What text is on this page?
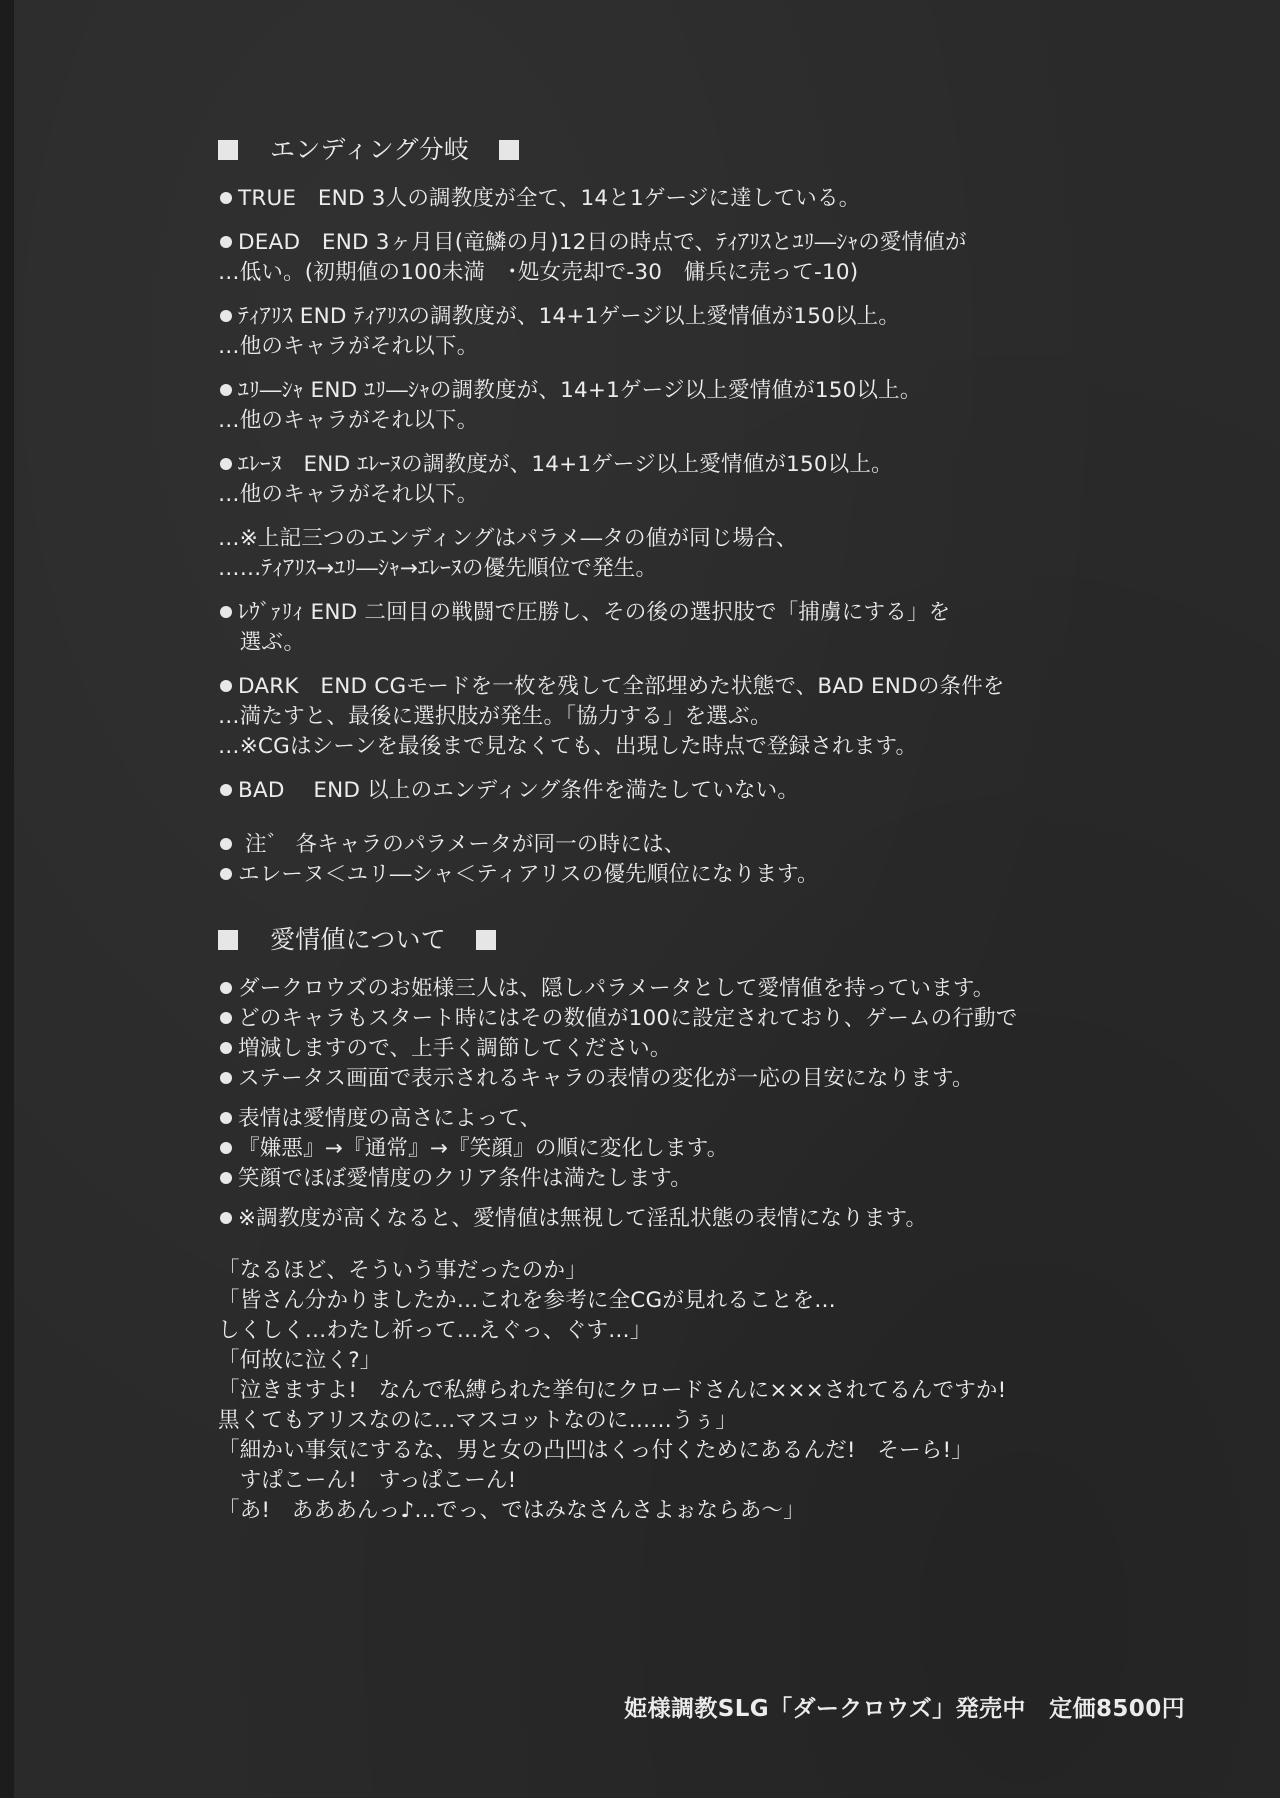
エンディング分岐
TRUE　END 3人の調教度が全て、14と1ゲージに達している。
DEAD　END 3ヶ月目(竜鱗の月)12日の時点で、ﾃｨｱﾘｽとﾕﾘ―ｼｬの愛情値が
…低い。(初期値の100未満　･処女売却で-30　傭兵に売って-10)
ﾃｨｱﾘｽ END ﾃｨｱﾘｽの調教度が、14+1ゲージ以上愛情値が150以上。
…他のキャラがそれ以下。
ﾕﾘ―ｼｬ END ﾕﾘ―ｼｬの調教度が、14+1ゲージ以上愛情値が150以上。
…他のキャラがそれ以下。
ｴﾚｰﾇ　END ｴﾚｰﾇの調教度が、14+1ゲージ以上愛情値が150以上。
…他のキャラがそれ以下。
…※上記三つのエンディングはパラメ―タの値が同じ場合、
……ﾃｨｱﾘｽ→ﾕﾘ―ｼｬ→ｴﾚｰﾇの優先順位で発生。
ﾚｳﾞｧﾘｨ END 二回目の戦闘で圧勝し、その後の選択肢で「捕虜にする」を
　選ぶ。
DARK　END CGモードを一枚を残して全部埋めた状態で、BAD ENDの条件を
…満たすと、最後に選択肢が発生。「協力する」を選ぶ。
…※CGはシーンを最後まで見なくても、出現した時点で登録されます。
BAD　 END 以上のエンディング条件を満たしていない。
注゛ 各キャラのパラメータが同一の時には、
エレーヌ＜ユリ―シャ＜ティアリスの優先順位になります。
愛情値について
ダークロウズのお姫様三人は、隠しパラメータとして愛情値を持っています。
どのキャラもスタート時にはその数値が100に設定されており、ゲームの行動で
増減しますので、上手く調節してください。
ステータス画面で表示されるキャラの表情の変化が一応の目安になります。
表情は愛情度の高さによって、
『嫌悪』→『通常』→『笑顔』の順に変化します。
笑顔でほぼ愛情度のクリア条件は満たします。
※調教度が高くなると、愛情値は無視して淫乱状態の表情になります。
「なるほど、そういう事だったのか」
「皆さん分かりましたか…これを参考に全CGが見れることを…
しくしく…わたし祈って…えぐっ、ぐす…」
「何故に泣く?」
「泣きますよ!　なんで私縛られた挙句にクロードさんに×××されてるんですか!
黒くてもアリスなのに…マスコットなのに……うぅ」
「細かい事気にするな、男と女の凸凹はくっ付くためにあるんだ!　そーら!」
　すぱこーん!　すっぱこーん!
「あ!　あああんっ♪…でっ、ではみなさんさよぉならあ～」
姫様調教SLG「ダークロウズ」発売中　定価8500円
